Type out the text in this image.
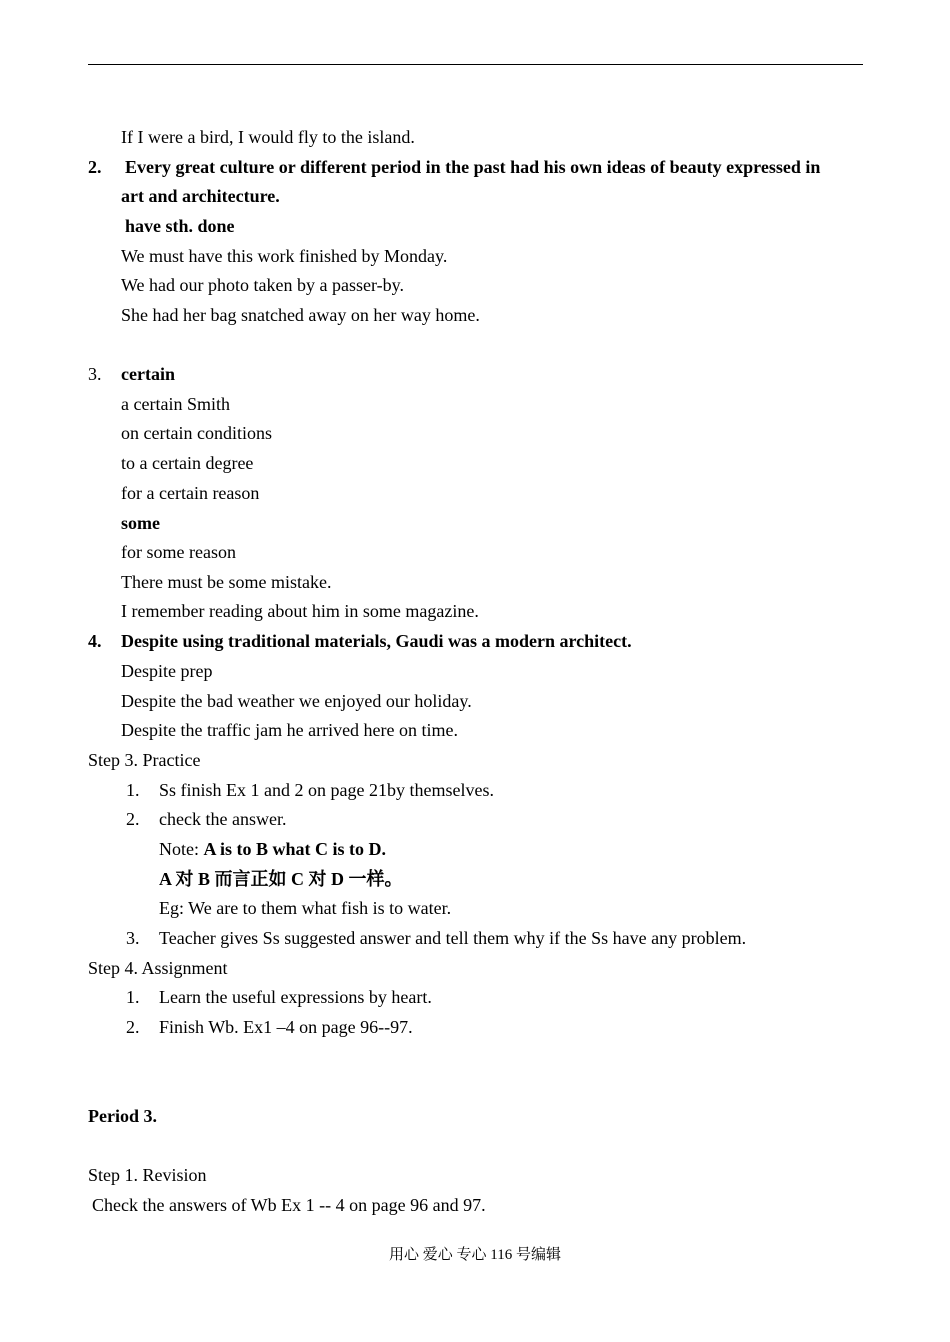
If I were a bird, I would fly to the island.
2. Every great culture or different period in the past had his own ideas of beauty expressed in
art and architecture.
have sth. done
We must have this work finished by Monday.
We had our photo taken by a passer-by.
She had her bag snatched away on her way home.
3. certain
a certain Smith
on certain conditions
to a certain degree
for a certain reason
some
for some reason
There must be some mistake.
I remember reading about him in some magazine.
4. Despite using traditional materials, Gaudi was a modern architect.
Despite prep
Despite the bad weather we enjoyed our holiday.
Despite the traffic jam he arrived here on time.
Step 3. Practice
1. Ss finish Ex 1 and 2 on page 21by themselves.
2. check the answer.
Note: A is to B what C is to D.
A 对 B 而言正如 C 对 D 一样。
Eg: We are to them what fish is to water.
3. Teacher gives Ss suggested answer and tell them why if the Ss have any problem.
Step 4. Assignment
1. Learn the useful expressions by heart.
2. Finish Wb. Ex1 –4 on page 96--97.
Period 3.
Step 1. Revision
Check the answers of Wb Ex 1 -- 4 on page 96 and 97.
用心 爱心 专心 116 号编辑
